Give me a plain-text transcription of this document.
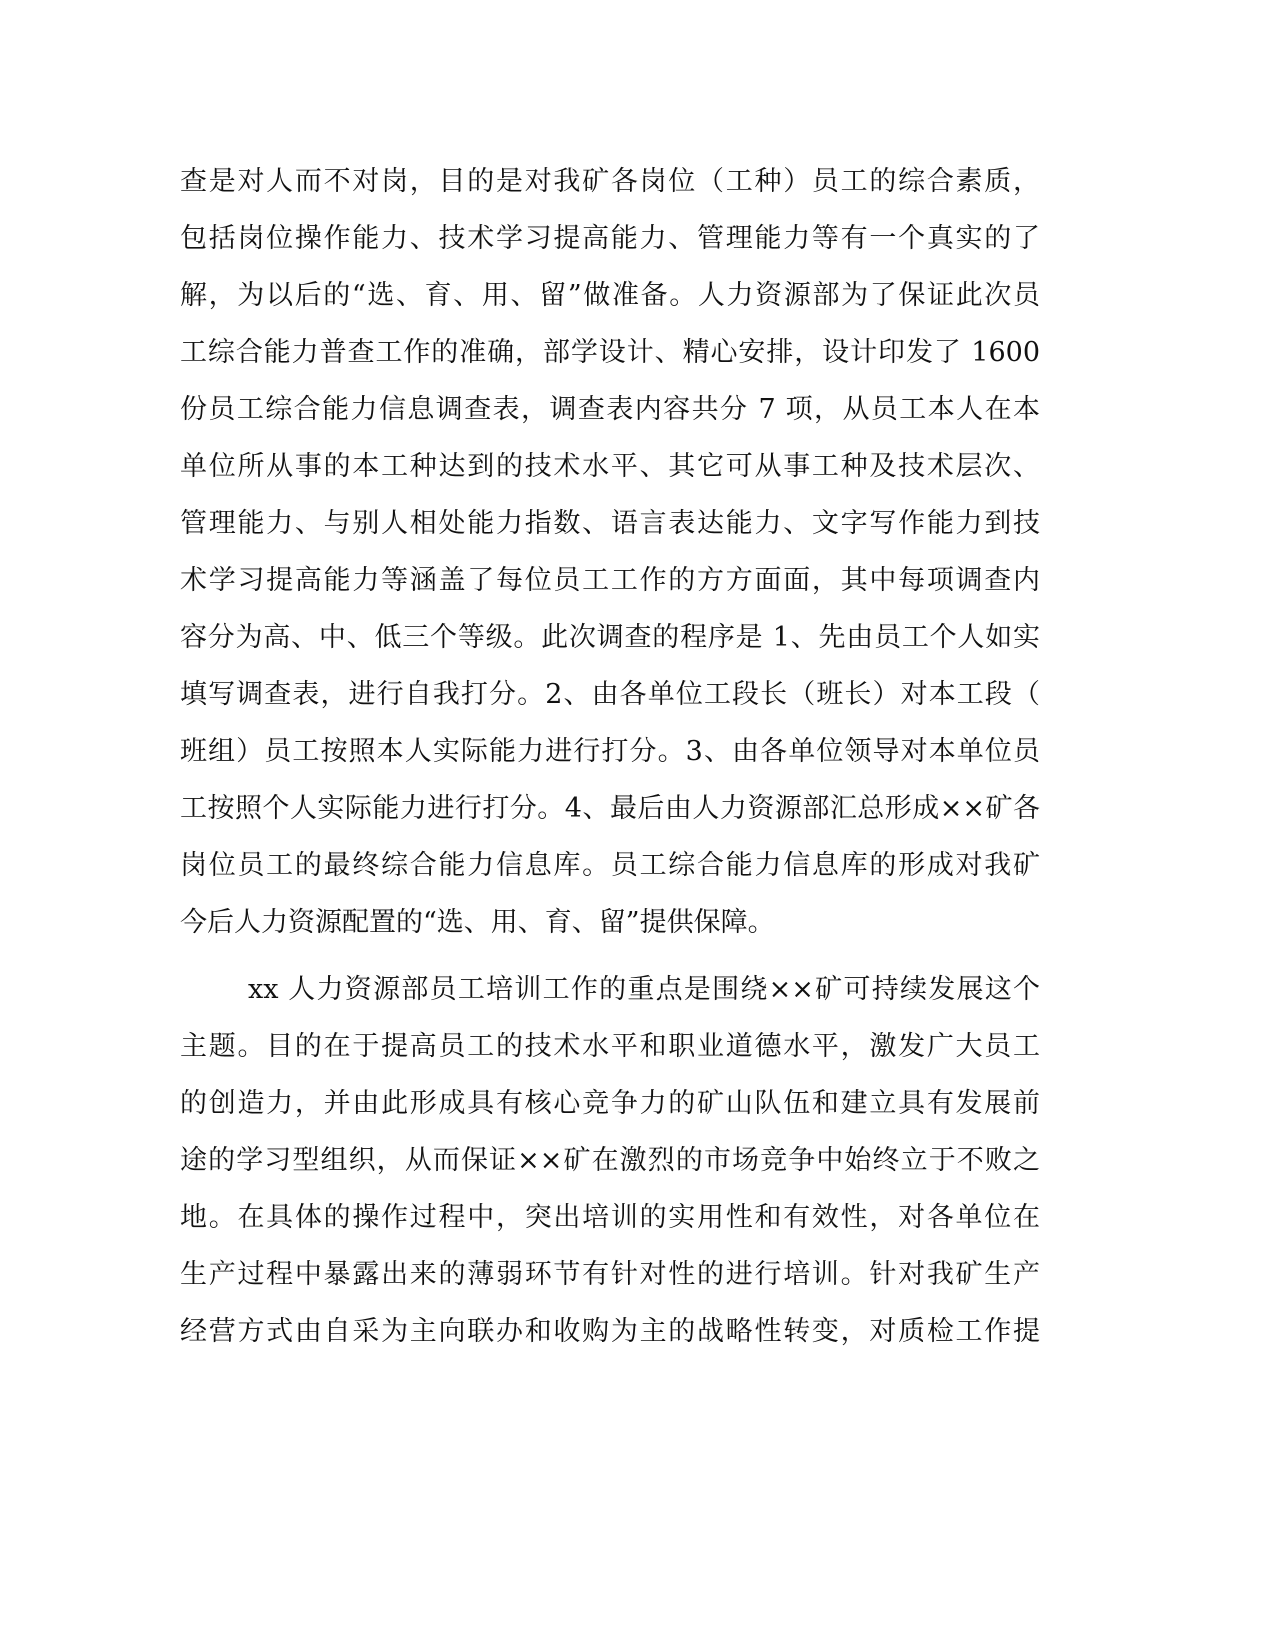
查是对人而不对岗，目的是对我矿各岗位（工种）员工的综合素质，
包括岗位操作能力、技术学习提高能力、管理能力等有一个真实的了
解，为以后的“选、育、用、留”做准备。人力资源部为了保证此次员
工综合能力普查工作的准确，部学设计、精心安排，设计印发了 1600
份员工综合能力信息调查表，调查表内容共分 7 项，从员工本人在本
单位所从事的本工种达到的技术水平、其它可从事工种及技术层次、
管理能力、与别人相处能力指数、语言表达能力、文字写作能力到技
术学习提高能力等涵盖了每位员工工作的方方面面，其中每项调查内
容分为高、中、低三个等级。此次调查的程序是 1、先由员工个人如实
填写调查表，进行自我打分。2、由各单位工段长（班长）对本工段（
班组）员工按照本人实际能力进行打分。3、由各单位领导对本单位员
工按照个人实际能力进行打分。4、最后由人力资源部汇总形成××矿各
岗位员工的最终综合能力信息库。员工综合能力信息库的形成对我矿
今后人力资源配置的“选、用、育、留”提供保障。
xx 人力资源部员工培训工作的重点是围绕××矿可持续发展这个
主题。目的在于提高员工的技术水平和职业道德水平，激发广大员工
的创造力，并由此形成具有核心竞争力的矿山队伍和建立具有发展前
途的学习型组织，从而保证××矿在激烈的市场竞争中始终立于不败之
地。在具体的操作过程中，突出培训的实用性和有效性，对各单位在
生产过程中暴露出来的薄弱环节有针对性的进行培训。针对我矿生产
经营方式由自采为主向联办和收购为主的战略性转变，对质检工作提
